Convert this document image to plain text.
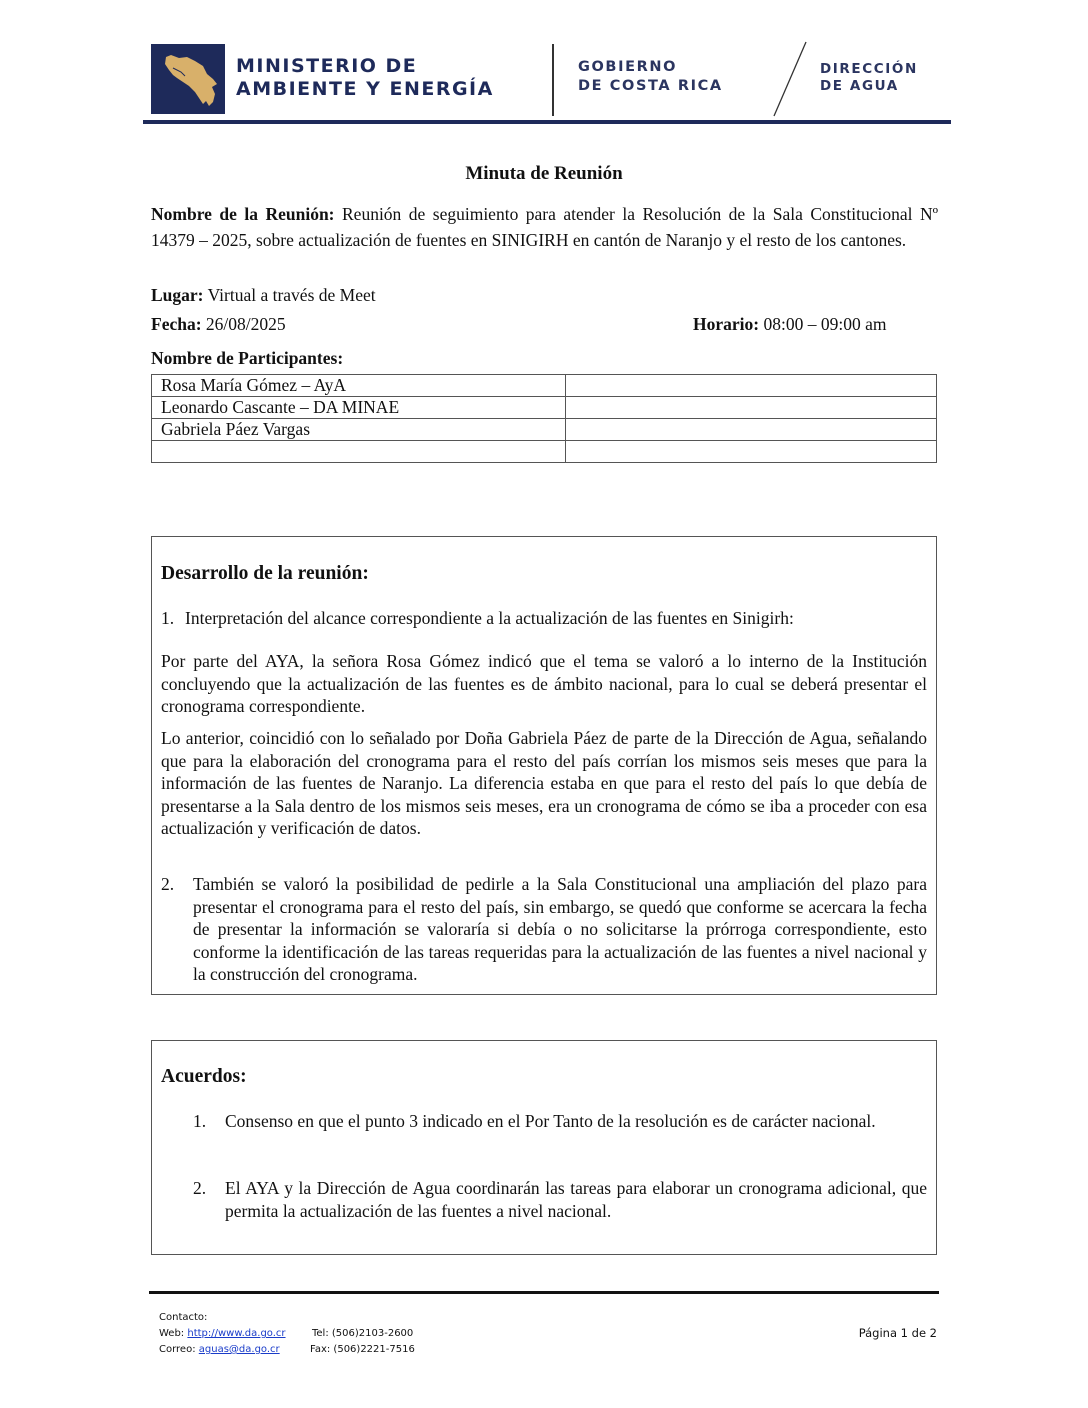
MINISTERIO DE
AMBIENTE Y ENERGÍA
GOBIERNO
DE COSTA RICA
DIRECCIÓN
DE AGUA
Minuta de Reunión
Nombre de la Reunión: Reunión de seguimiento para atender la Resolución de la Sala Constitucional Nº 14379 – 2025, sobre actualización de fuentes en SINIGIRH en cantón de Naranjo y el resto de los cantones.
Lugar: Virtual a través de Meet
Fecha: 26/08/2025	Horario: 08:00 – 09:00 am
Nombre de Participantes:
Rosa María Gómez – AyA	
Leonardo Cascante – DA MINAE	
Gabriela Páez Vargas	

Desarrollo de la reunión:
1. Interpretación del alcance correspondiente a la actualización de las fuentes en Sinigirh:
Por parte del AYA, la señora Rosa Gómez indicó que el tema se valoró a lo interno de la Institución concluyendo que la actualización de las fuentes es de ámbito nacional, para lo cual se deberá presentar el cronograma correspondiente.
Lo anterior, coincidió con lo señalado por Doña Gabriela Páez de parte de la Dirección de Agua, señalando que para la elaboración del cronograma para el resto del país corrían los mismos seis meses que para la información de las fuentes de Naranjo. La diferencia estaba en que para el resto del país lo que debía de presentarse a la Sala dentro de los mismos seis meses, era un cronograma de cómo se iba a proceder con esa actualización y verificación de datos.
2.	También se valoró la posibilidad de pedirle a la Sala Constitucional una ampliación del plazo para presentar el cronograma para el resto del país, sin embargo, se quedó que conforme se acercara la fecha de presentar la información se valoraría si debía o no solicitarse la prórroga correspondiente, esto conforme la identificación de las tareas requeridas para la actualización de las fuentes a nivel nacional y la construcción del cronograma.
Acuerdos:
1.	Consenso en que el punto 3 indicado en el Por Tanto de la resolución es de carácter nacional.
2.	El AYA y la Dirección de Agua coordinarán las tareas para elaborar un cronograma adicional, que permita la actualización de las fuentes a nivel nacional.
Contacto:
Web: http://www.da.go.cr
Correo: aguas@da.go.cr
Tel: (506)2103-2600
Fax: (506)2221-7516
Página 1 de 2
